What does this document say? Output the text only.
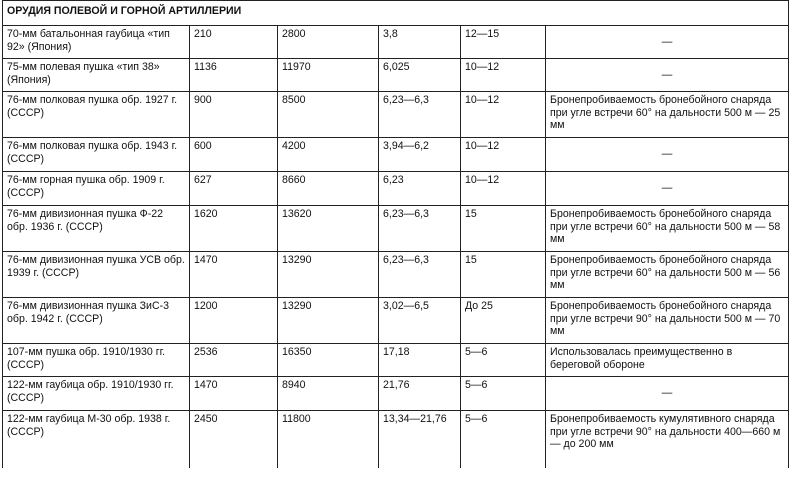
ОРУДИЯ ПОЛЕВОЙ И ГОРНОЙ АРТИЛЛЕРИИ					
70-мм батальонная гаубица «тип 92» (Япония)	210	2800	3,8	12—15	—
75-мм полевая пушка «тип 38» (Япония)	1136	11970	6,025	10—12	—
76-мм полковая пушка обр. 1927 г. (СССР)	900	8500	6,23—6,3	10—12	Бронепробиваемость бронебойного снаряда при угле встречи 60° на дальности 500 м — 25 мм
76-мм полковая пушка обр. 1943 г. (СССР)	600	4200	3,94—6,2	10—12	—
76-мм горная пушка обр. 1909 г. (СССР)	627	8660	6,23	10—12	—
76-мм дивизионная пушка Ф-22 обр. 1936 г. (СССР)	1620	13620	6,23—6,3	15	Бронепробиваемость бронебойного снаряда при угле встречи 60° на дальности 500 м — 58 мм
76-мм дивизионная пушка УСВ обр. 1939 г. (СССР)	1470	13290	6,23—6,3	15	Бронепробиваемость бронебойного снаряда при угле встречи 60° на дальности 500 м — 56 мм
76-мм дивизионная пушка ЗиС-3 обр. 1942 г. (СССР)	1200	13290	3,02—6,5	До 25	Бронепробиваемость бронебойного снаряда при угле встречи 90° на дальности 500 м — 70 мм
107-мм пушка обр. 1910/1930 гг. (СССР)	2536	16350	17,18	5—6	Использовалась преимущественно в береговой обороне
122-мм гаубица обр. 1910/1930 гг. (СССР)	1470	8940	21,76	5—6	—
122-мм гаубица М-30 обр. 1938 г. (СССР)	2450	11800	13,34—21,76	5—6	Бронепробиваемость кумулятивного снаряда при угле встречи 90° на дальности 400—660 м — до 200 мм
